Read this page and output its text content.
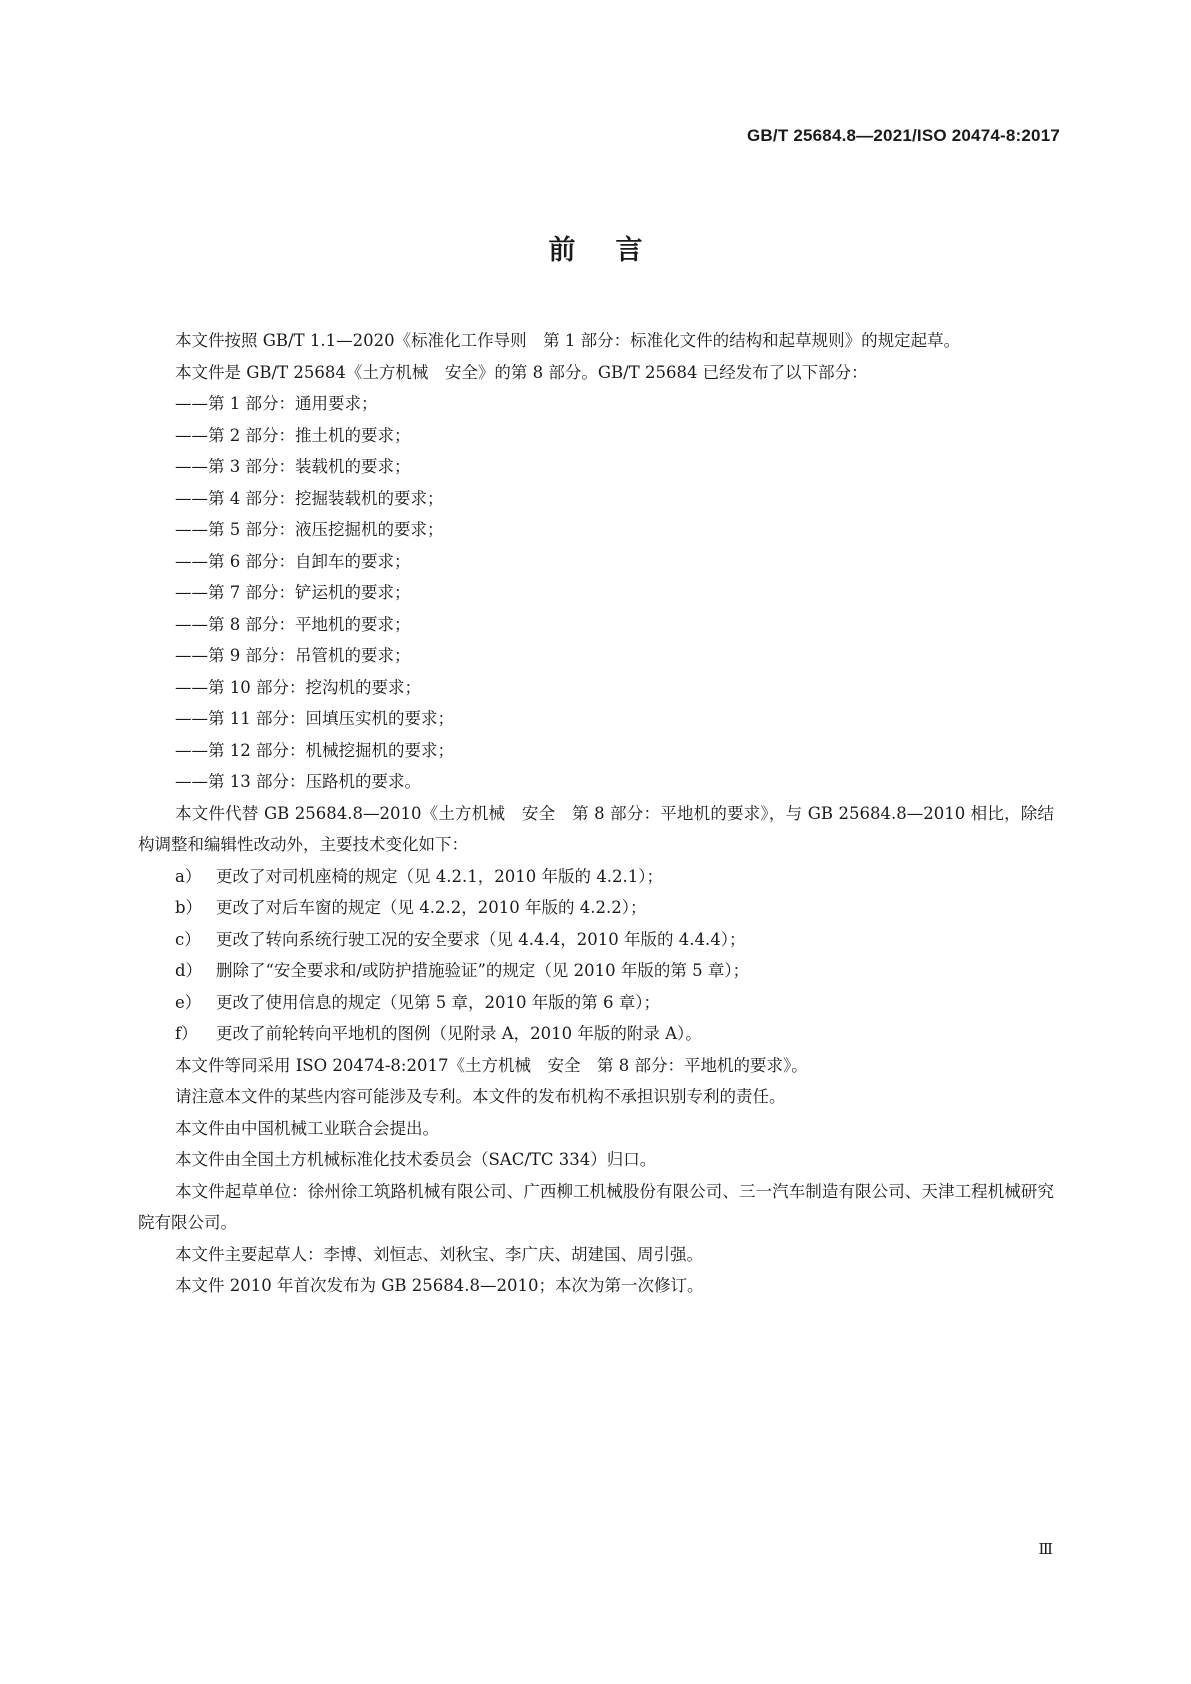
GB/T 25684.8—2021/ISO 20474-8:2017
前言

本文件按照 GB/T 1.1—2020《标准化工作导则　第 1 部分：标准化文件的结构和起草规则》的规定起草。

本文件是 GB/T 25684《土方机械　安全》的第 8 部分。GB/T 25684 已经发布了以下部分：

——第 1 部分：通用要求；

——第 2 部分：推土机的要求；

——第 3 部分：装载机的要求；

——第 4 部分：挖掘装载机的要求；

——第 5 部分：液压挖掘机的要求；

——第 6 部分：自卸车的要求；

——第 7 部分：铲运机的要求；

——第 8 部分：平地机的要求；

——第 9 部分：吊管机的要求；

——第 10 部分：挖沟机的要求；

——第 11 部分：回填压实机的要求；

——第 12 部分：机械挖掘机的要求；

——第 13 部分：压路机的要求。

本文件代替 GB 25684.8—2010《土方机械　安全　第 8 部分：平地机的要求》，与 GB 25684.8—2010 相比，除结构调整和编辑性改动外，主要技术变化如下：

a） 更改了对司机座椅的规定（见 4.2.1，2010 年版的 4.2.1）；

b） 更改了对后车窗的规定（见 4.2.2，2010 年版的 4.2.2）；

c） 更改了转向系统行驶工况的安全要求（见 4.4.4，2010 年版的 4.4.4）；

d） 删除了“安全要求和/或防护措施验证”的规定（见 2010 年版的第 5 章）；

e） 更改了使用信息的规定（见第 5 章，2010 年版的第 6 章）；

f） 更改了前轮转向平地机的图例（见附录 A，2010 年版的附录 A）。

本文件等同采用 ISO 20474-8:2017《土方机械　安全　第 8 部分：平地机的要求》。

请注意本文件的某些内容可能涉及专利。本文件的发布机构不承担识别专利的责任。

本文件由中国机械工业联合会提出。

本文件由全国土方机械标准化技术委员会（SAC/TC 334）归口。

本文件起草单位：徐州徐工筑路机械有限公司、广西柳工机械股份有限公司、三一汽车制造有限公司、天津工程机械研究院有限公司。

本文件主要起草人：李博、刘恒志、刘秋宝、李广庆、胡建国、周引强。

本文件 2010 年首次发布为 GB 25684.8—2010；本次为第一次修订。

Ⅲ
